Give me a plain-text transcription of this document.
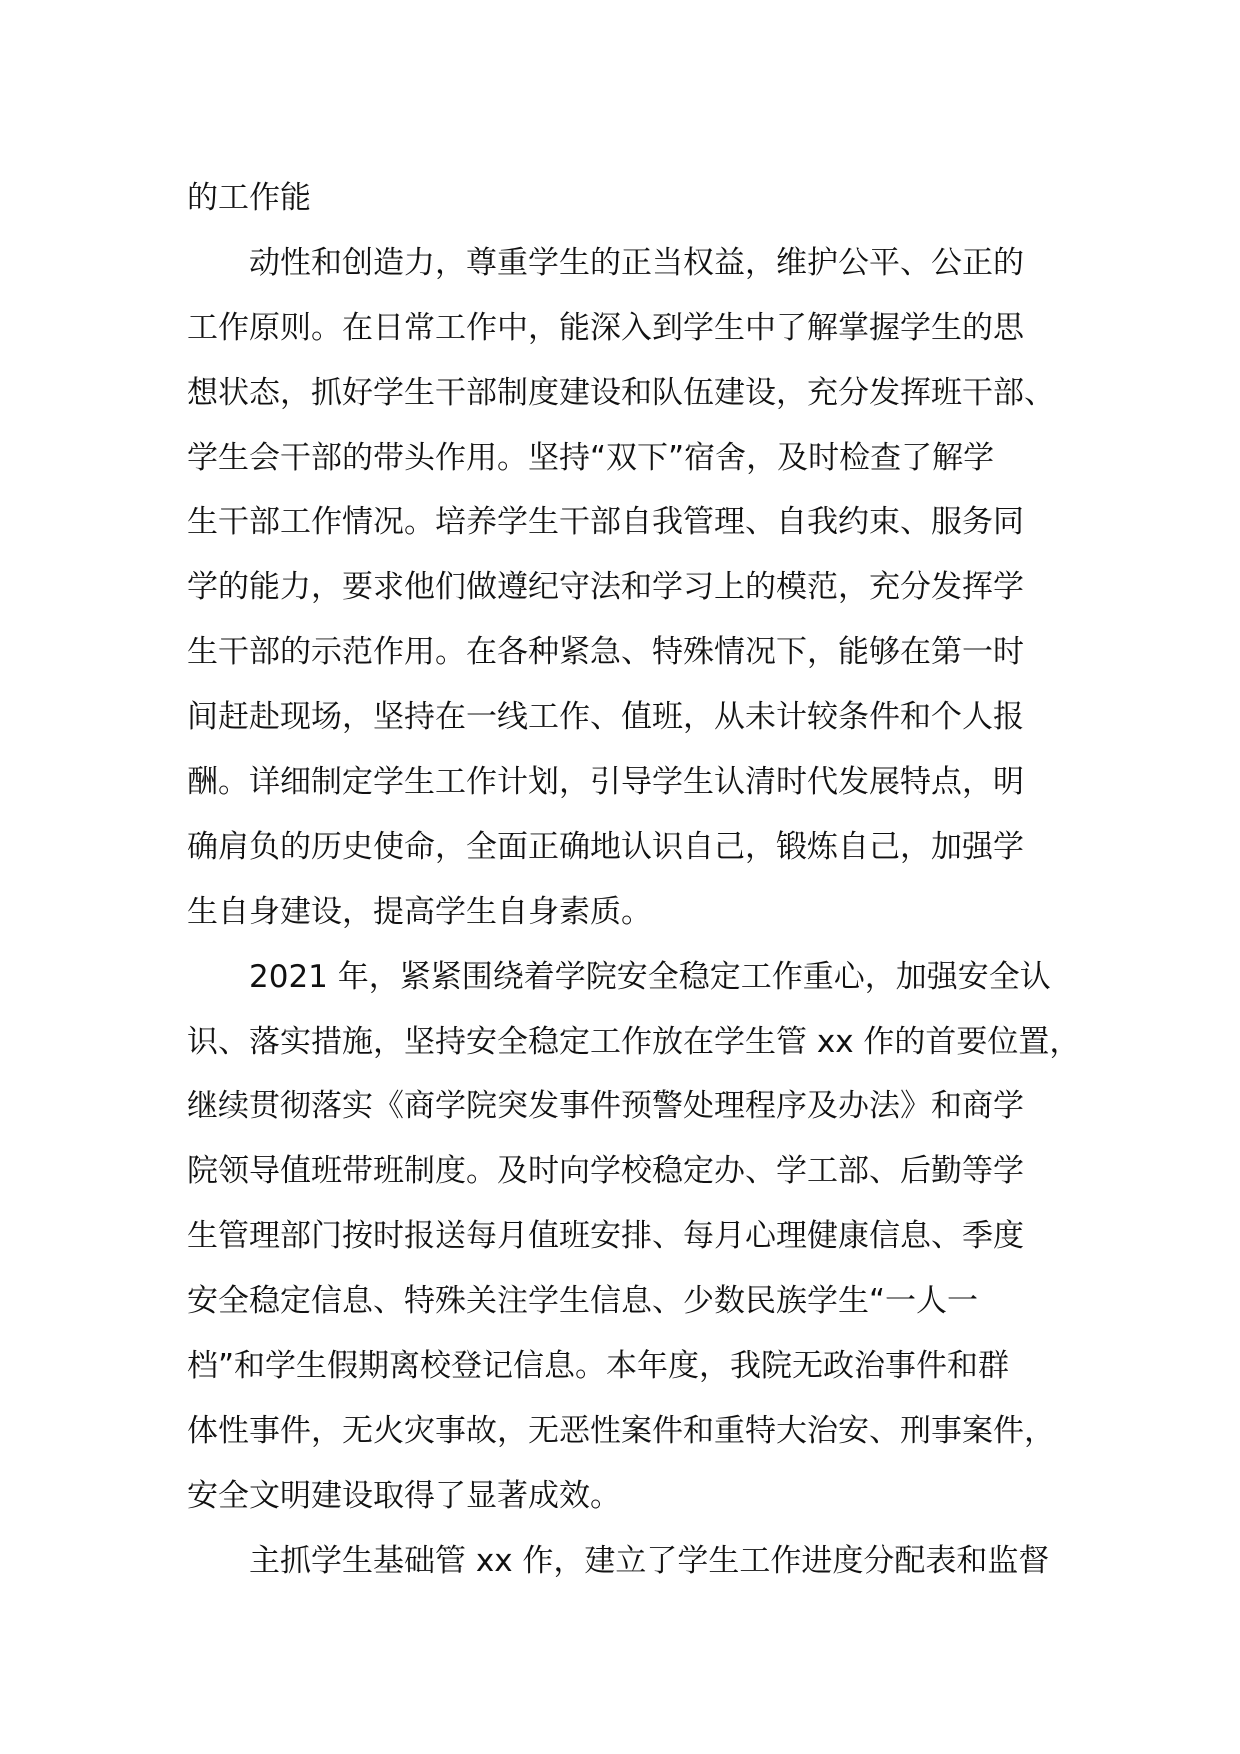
的工作能
动性和创造力，尊重学生的正当权益，维护公平、公正的
工作原则。在日常工作中，能深入到学生中了解掌握学生的思
想状态，抓好学生干部制度建设和队伍建设，充分发挥班干部、
学生会干部的带头作用。坚持“双下”宿舍，及时检查了解学
生干部工作情况。培养学生干部自我管理、自我约束、服务同
学的能力，要求他们做遵纪守法和学习上的模范，充分发挥学
生干部的示范作用。在各种紧急、特殊情况下，能够在第一时
间赶赴现场，坚持在一线工作、值班，从未计较条件和个人报
酬。详细制定学生工作计划，引导学生认清时代发展特点，明
确肩负的历史使命，全面正确地认识自己，锻炼自己，加强学
生自身建设，提高学生自身素质。
2021 年，紧紧围绕着学院安全稳定工作重心，加强安全认
识、落实措施，坚持安全稳定工作放在学生管 xx 作的首要位置，
继续贯彻落实《商学院突发事件预警处理程序及办法》和商学
院领导值班带班制度。及时向学校稳定办、学工部、后勤等学
生管理部门按时报送每月值班安排、每月心理健康信息、季度
安全稳定信息、特殊关注学生信息、少数民族学生“一人一
档”和学生假期离校登记信息。本年度，我院无政治事件和群
体性事件，无火灾事故，无恶性案件和重特大治安、刑事案件，
安全文明建设取得了显著成效。
主抓学生基础管 xx 作，建立了学生工作进度分配表和监督
